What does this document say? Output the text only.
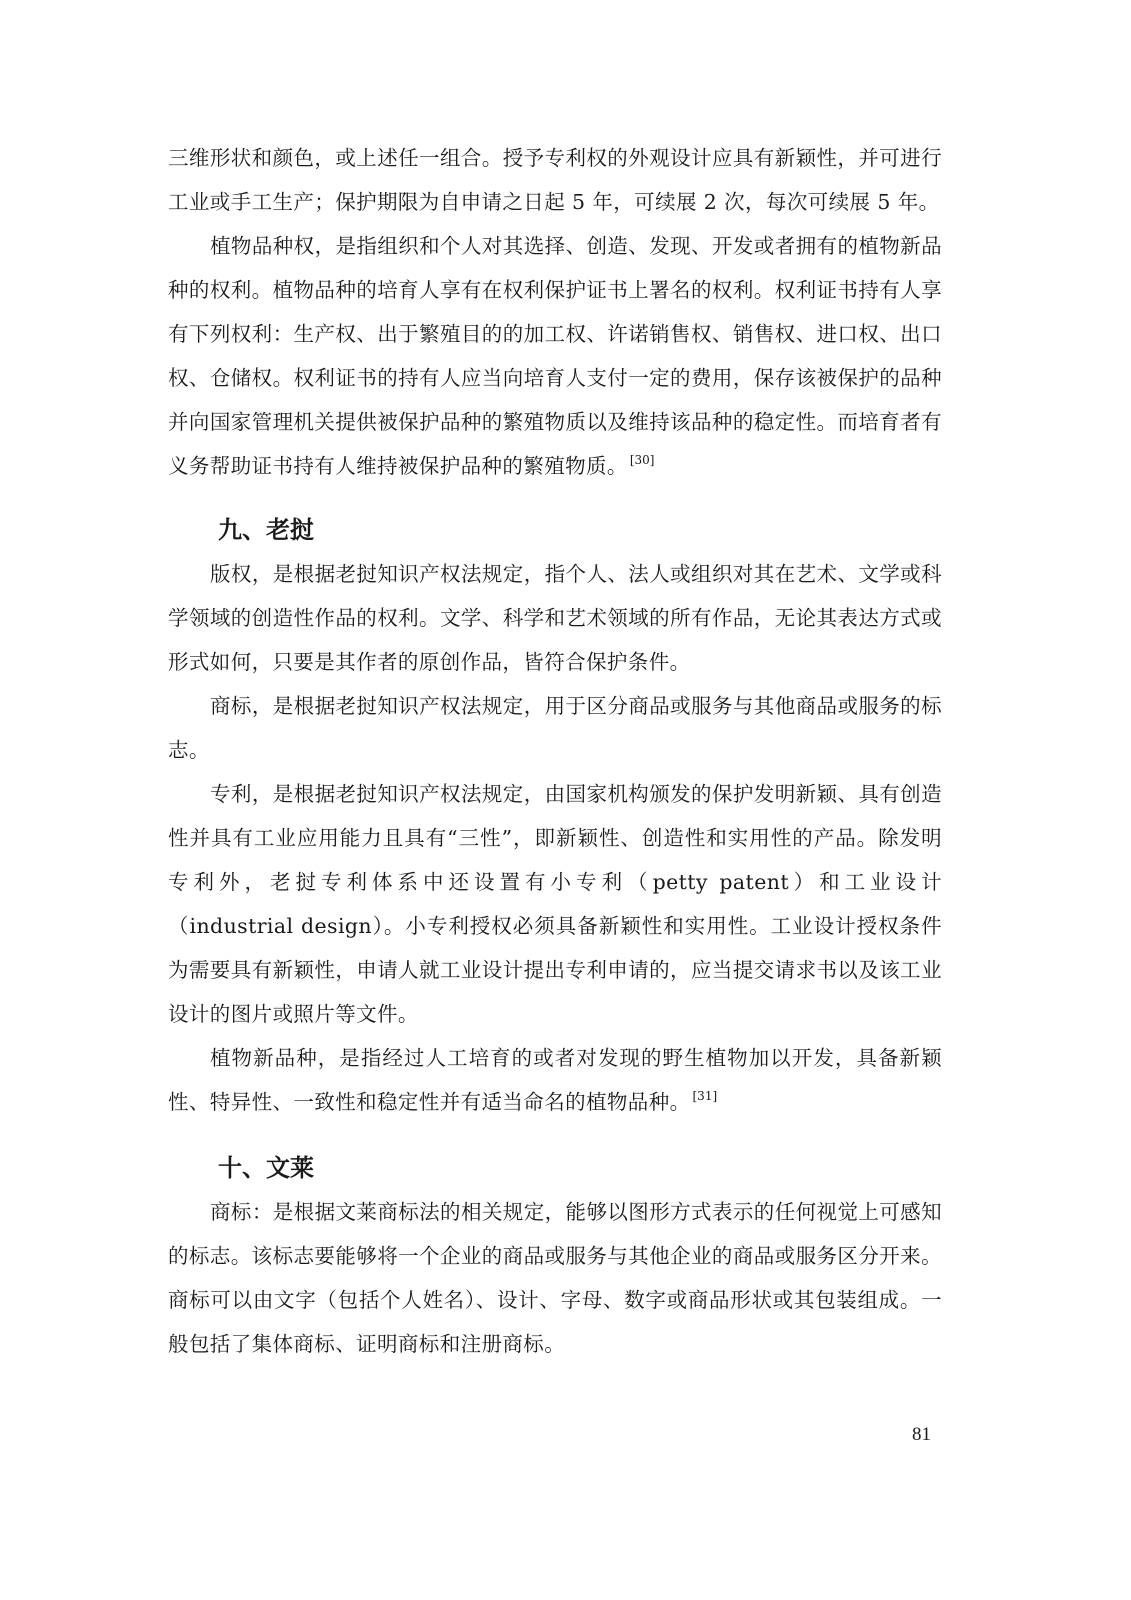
三维形状和颜色，或上述任一组合。授予专利权的外观设计应具有新颖性，并可进行工业或手工生产；保护期限为自申请之日起 5 年，可续展 2 次，每次可续展 5 年。

植物品种权，是指组织和个人对其选择、创造、发现、开发或者拥有的植物新品种的权利。植物品种的培育人享有在权利保护证书上署名的权利。权利证书持有人享有下列权利：生产权、出于繁殖目的的加工权、许诺销售权、销售权、进口权、出口权、仓储权。权利证书的持有人应当向培育人支付一定的费用，保存该被保护的品种并向国家管理机关提供被保护品种的繁殖物质以及维持该品种的稳定性。而培育者有义务帮助证书持有人维持被保护品种的繁殖物质。 [30]

九、老挝

版权，是根据老挝知识产权法规定，指个人、法人或组织对其在艺术、文学或科学领域的创造性作品的权利。文学、科学和艺术领域的所有作品，无论其表达方式或形式如何，只要是其作者的原创作品，皆符合保护条件。

商标，是根据老挝知识产权法规定，用于区分商品或服务与其他商品或服务的标志。

专利，是根据老挝知识产权法规定，由国家机构颁发的保护发明新颖、具有创造性并具有工业应用能力且具有“三性”，即新颖性、创造性和实用性的产品。除发明专利外，老挝专利体系中还设置有小专利（petty patent）和工业设计（industrial design）。小专利授权必须具备新颖性和实用性。工业设计授权条件为需要具有新颖性，申请人就工业设计提出专利申请的，应当提交请求书以及该工业设计的图片或照片等文件。

植物新品种，是指经过人工培育的或者对发现的野生植物加以开发，具备新颖性、特异性、一致性和稳定性并有适当命名的植物品种。 [31]

十、文莱

商标：是根据文莱商标法的相关规定，能够以图形方式表示的任何视觉上可感知的标志。该标志要能够将一个企业的商品或服务与其他企业的商品或服务区分开来。商标可以由文字（包括个人姓名）、设计、字母、数字或商品形状或其包装组成。一般包括了集体商标、证明商标和注册商标。

81
